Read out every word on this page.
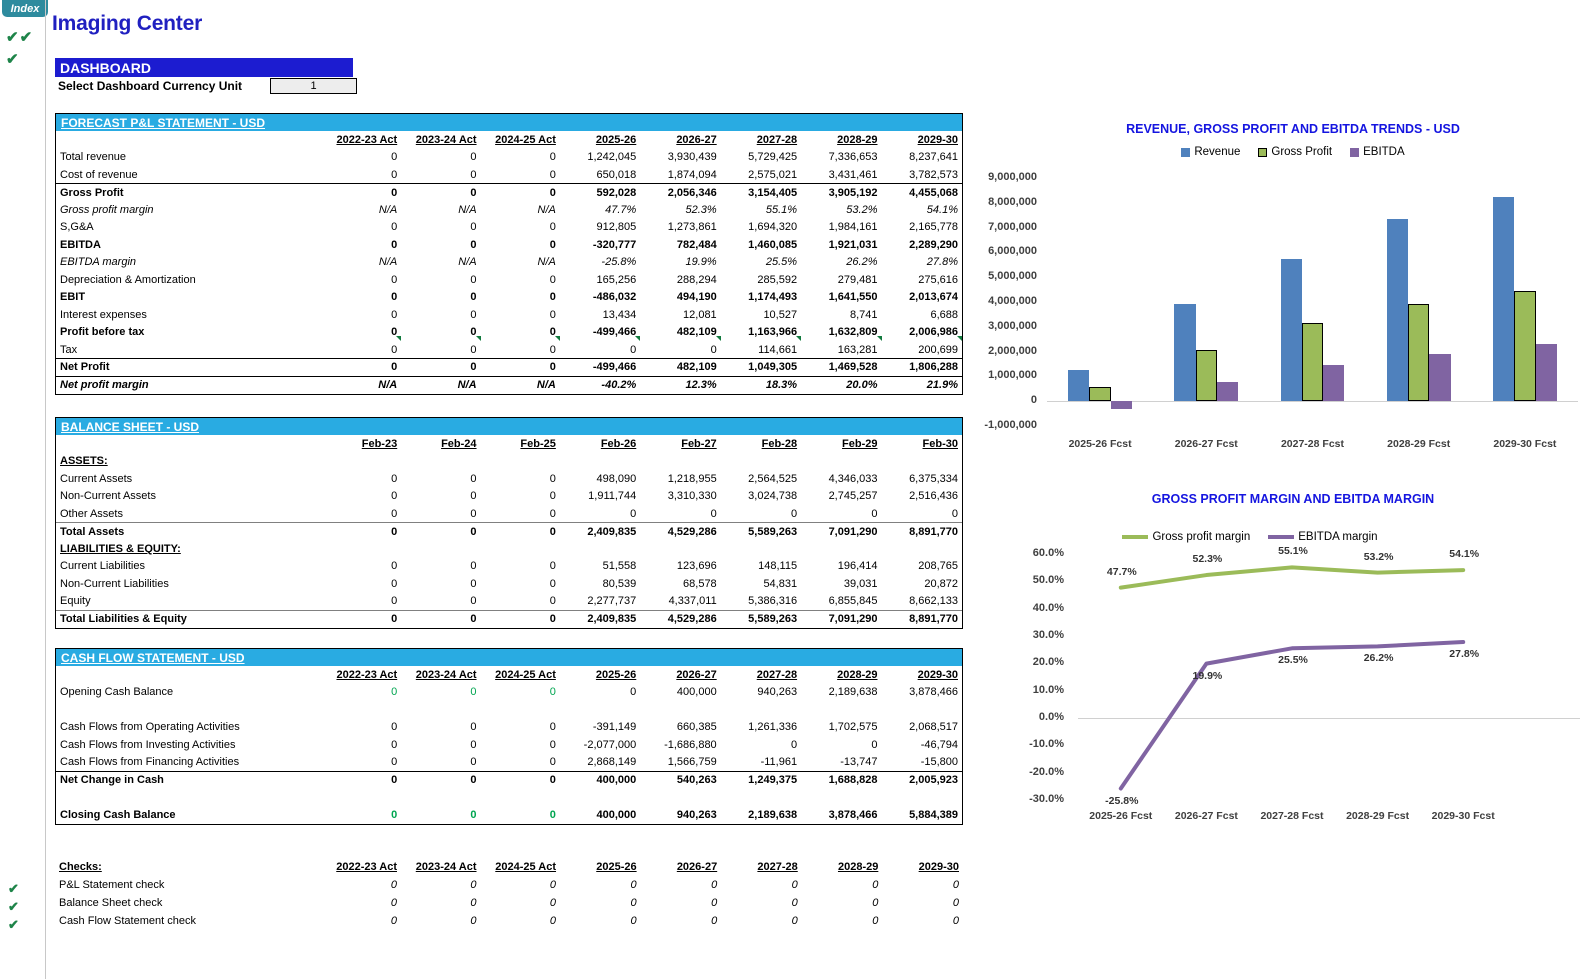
Index
✔✔
✔
Imaging Center
DASHBOARD
Select Dashboard Currency Unit	1
FORECAST P&L STATEMENT - USD
	2022-23 Act	2023-24 Act	2024-25 Act	2025-26	2026-27	2027-28	2028-29	2029-30
Total revenue	0	0	0	1,242,045	3,930,439	5,729,425	7,336,653	8,237,641
Cost of revenue	0	0	0	650,018	1,874,094	2,575,021	3,431,461	3,782,573
Gross Profit	0	0	0	592,028	2,056,346	3,154,405	3,905,192	4,455,068
Gross profit margin	N/A	N/A	N/A	47.7%	52.3%	55.1%	53.2%	54.1%
S,G&A	0	0	0	912,805	1,273,861	1,694,320	1,984,161	2,165,778
EBITDA	0	0	0	-320,777	782,484	1,460,085	1,921,031	2,289,290
EBITDA margin	N/A	N/A	N/A	-25.8%	19.9%	25.5%	26.2%	27.8%
Depreciation & Amortization	0	0	0	165,256	288,294	285,592	279,481	275,616
EBIT	0	0	0	-486,032	494,190	1,174,493	1,641,550	2,013,674
Interest expenses	0	0	0	13,434	12,081	10,527	8,741	6,688
Profit before tax	0	0	0	-499,466	482,109	1,163,966	1,632,809	2,006,986
Tax	0	0	0	0	0	114,661	163,281	200,699

Net Profit	0	0	0	-499,466	482,109	1,049,305	1,469,528	1,806,288
Net profit margin	N/A	N/A	N/A	-40.2%	12.3%	18.3%	20.0%	21.9%
BALANCE SHEET - USD
	Feb-23	Feb-24	Feb-25	Feb-26	Feb-27	Feb-28	Feb-29	Feb-30
ASSETS:								
Current Assets	0	0	0	498,090	1,218,955	2,564,525	4,346,033	6,375,334
Non-Current Assets	0	0	0	1,911,744	3,310,330	3,024,738	2,745,257	2,516,436
Other Assets	0	0	0	0	0	0	0	0
Total Assets	0	0	0	2,409,835	4,529,286	5,589,263	7,091,290	8,891,770
LIABILITIES & EQUITY:								
Current Liabilities	0	0	0	51,558	123,696	148,115	196,414	208,765
Non-Current Liabilities	0	0	0	80,539	68,578	54,831	39,031	20,872
Equity	0	0	0	2,277,737	4,337,011	5,386,316	6,855,845	8,662,133
Total Liabilities & Equity	0	0	0	2,409,835	4,529,286	5,589,263	7,091,290	8,891,770
CASH FLOW STATEMENT - USD
	2022-23 Act	2023-24 Act	2024-25 Act	2025-26	2026-27	2027-28	2028-29	2029-30
Opening Cash Balance	0	0	0	0	400,000	940,263	2,189,638	3,878,466

Cash Flows from Operating Activities	0	0	0	-391,149	660,385	1,261,336	1,702,575	2,068,517
Cash Flows from Investing Activities	0	0	0	-2,077,000	-1,686,880	0	0	-46,794
Cash Flows from Financing Activities	0	0	0	2,868,149	1,566,759	-11,961	-13,747	-15,800
Net Change in Cash	0	0	0	400,000	540,263	1,249,375	1,688,828	2,005,923

Closing Cash Balance	0	0	0	400,000	940,263	2,189,638	3,878,466	5,884,389
✔
✔
✔
Checks:	2022-23 Act	2023-24 Act	2024-25 Act	2025-26	2026-27	2027-28	2028-29	2029-30
P&L Statement check	0	0	0	0	0	0	0	0
Balance Sheet check	0	0	0	0	0	0	0	0
Cash Flow Statement check	0	0	0	0	0	0	0	0
REVENUE, GROSS PROFIT AND EBITDA TRENDS - USD
Revenue	Gross Profit	EBITDA
9,000,000
8,000,000
7,000,000
6,000,000
5,000,000
4,000,000
3,000,000
2,000,000
1,000,000
0
-1,000,000
2025-26 Fcst	2026-27 Fcst	2027-28 Fcst	2028-29 Fcst	2029-30 Fcst
GROSS PROFIT MARGIN AND EBITDA MARGIN
Gross profit margin	EBITDA margin
60.0%
50.0%
40.0%
30.0%
20.0%
10.0%
0.0%
-10.0%
-20.0%
-30.0%
47.7%
52.3%
55.1%	53.2%	54.1%
-25.8%
19.9%
25.5%	26.2%	27.8%
2025-26 Fcst	2026-27 Fcst	2027-28 Fcst	2028-29 Fcst	2029-30 Fcst
